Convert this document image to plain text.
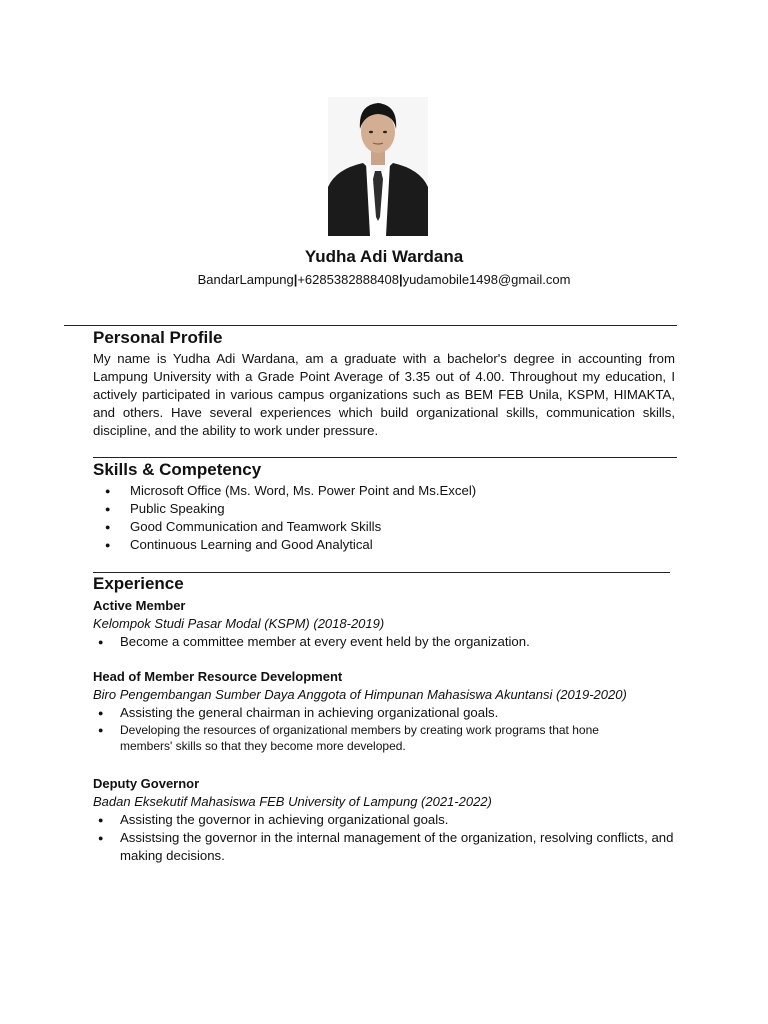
Yudha Adi Wardana

BandarLampung|+6285382888408|yudamobile1498@gmail.com

Personal Profile

My name is Yudha Adi Wardana, am a graduate with a bachelor's degree in accounting from Lampung University with a Grade Point Average of 3.35 out of 4.00. Throughout my education, I actively participated in various campus organizations such as BEM FEB Unila, KSPM, HIMAKTA, and others. Have several experiences which build organizational skills, communication skills, discipline, and the ability to work under pressure.

Skills & Competency
● Microsoft Office (Ms. Word, Ms. Power Point and Ms.Excel)
● Public Speaking
● Good Communication and Teamwork Skills
● Continuous Learning and Good Analytical
Experience

Active Member

Kelompok Studi Pasar Modal (KSPM) (2018-2019)

● Become a committee member at every event held by the organization.

Head of Member Resource Development

Biro Pengembangan Sumber Daya Anggota of Himpunan Mahasiswa Akuntansi (2019-2020)

● Assisting the general chairman in achieving organizational goals.
● Developing the resources of organizational members by creating work programs that hone members' skills so that they become more developed.

Deputy Governor

Badan Eksekutif Mahasiswa FEB University of Lampung (2021-2022)

● Assisting the governor in achieving organizational goals.
● Assistsing the governor in the internal management of the organization, resolving conflicts, and making decisions.
